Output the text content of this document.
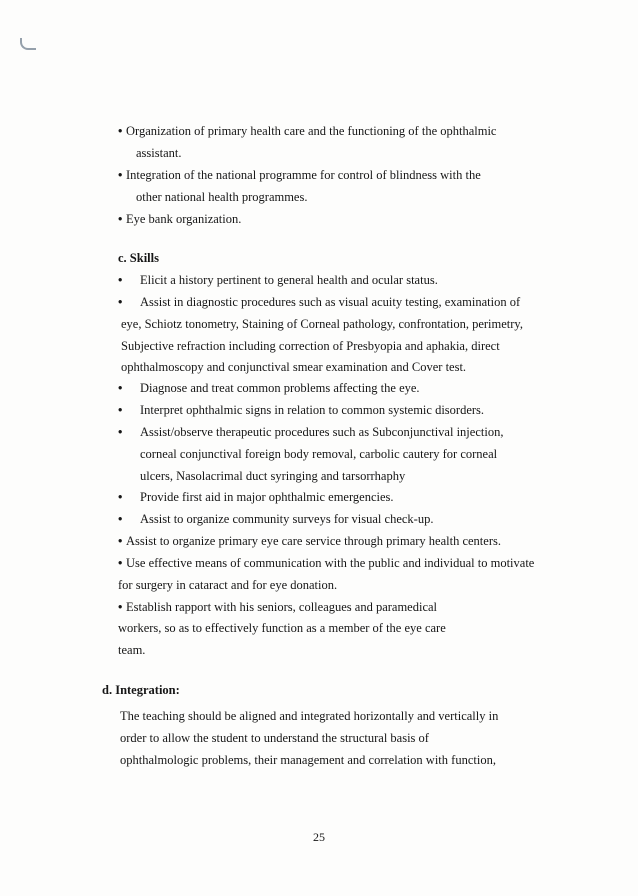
• Organization of primary health care and the functioning of the ophthalmic
assistant.
• Integration of the national programme for control of blindness with the
other national health programmes.
• Eye bank organization.
c. Skills
• Elicit a history pertinent to general health and ocular status.
• Assist in diagnostic procedures such as visual acuity testing, examination of
eye, Schiotz tonometry, Staining of Corneal pathology, confrontation, perimetry,
Subjective refraction including correction of Presbyopia and aphakia, direct
ophthalmoscopy and conjunctival smear examination and Cover test.
• Diagnose and treat common problems affecting the eye.
• Interpret ophthalmic signs in relation to common systemic disorders.
• Assist/observe therapeutic procedures such as Subconjunctival injection,
corneal conjunctival foreign body removal, carbolic cautery for corneal
ulcers, Nasolacrimal duct syringing and tarsorrhaphy
• Provide first aid in major ophthalmic emergencies.
• Assist to organize community surveys for visual check-up.
• Assist to organize primary eye care service through primary health centers.
• Use effective means of communication with the public and individual to motivate
for surgery in cataract and for eye donation.
• Establish rapport with his seniors, colleagues and paramedical
workers, so as to effectively function as a member of the eye care
team.
d. Integration:
The teaching should be aligned and integrated horizontally and vertically in
order to allow the student to understand the structural basis of
ophthalmologic problems, their management and correlation with function,
25
